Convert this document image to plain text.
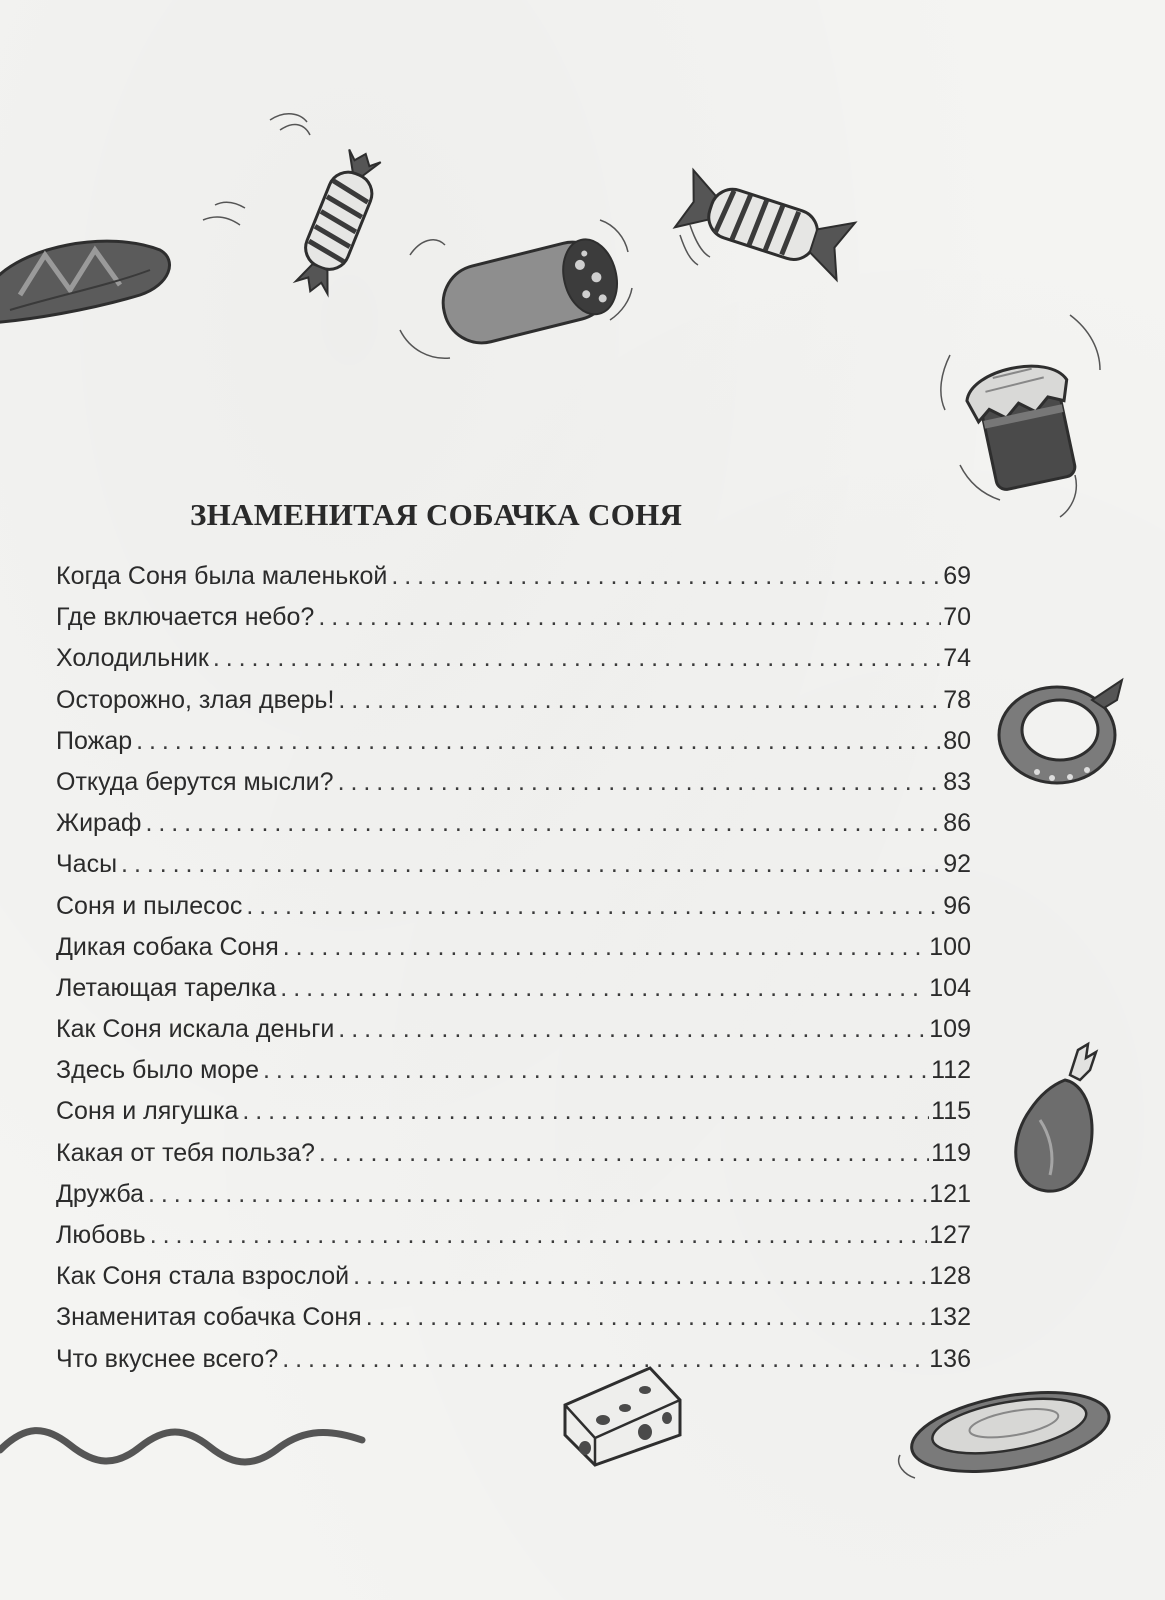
ЗНАМЕНИТАЯ СОБАЧКА СОНЯ
Когда Соня была маленькой . . .	69
Где включается небо? . . .	70
Холодильник . . .	74
Осторожно, злая дверь! . . .	78
Пожар . . .	80
Откуда берутся мысли? . . .	83
Жираф . . .	86
Часы . . .	92
Соня и пылесос . . .	96
Дикая собака Соня . . .	100
Летающая тарелка . . .	104
Как Соня искала деньги . . .	109
Здесь было море . . .	112
Соня и лягушка . . .	115
Какая от тебя польза? . . .	119
Дружба . . .	121
Любовь . . .	127
Как Соня стала взрослой . . .	128
Знаменитая собачка Соня . . .	132
Что вкуснее всего? . . .	136
